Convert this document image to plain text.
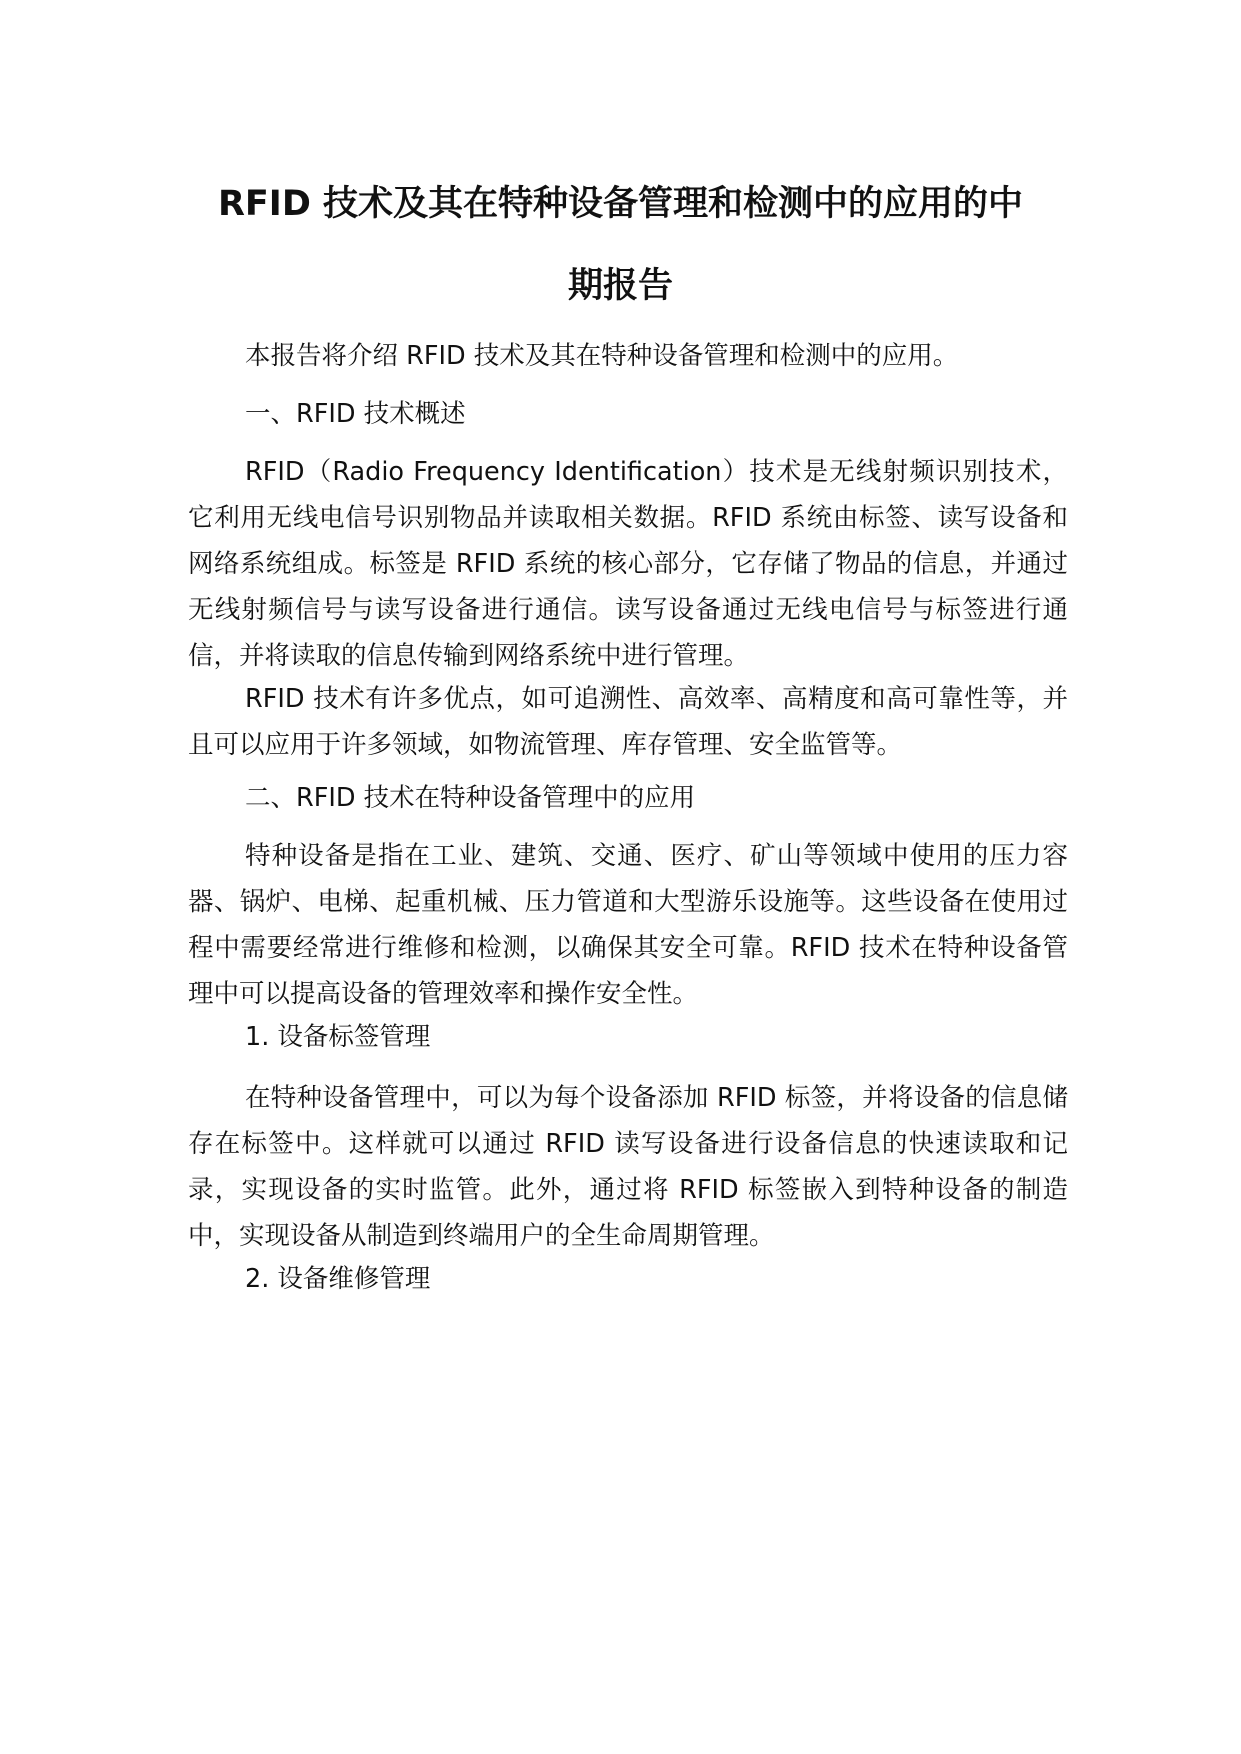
RFID 技术及其在特种设备管理和检测中的应用的中
期报告

本报告将介绍 RFID 技术及其在特种设备管理和检测中的应用。

一、RFID 技术概述

RFID（Radio Frequency Identification）技术是无线射频识别技术，它利用无线电信号识别物品并读取相关数据。RFID 系统由标签、读写设备和网络系统组成。标签是 RFID 系统的核心部分，它存储了物品的信息，并通过无线射频信号与读写设备进行通信。读写设备通过无线电信号与标签进行通信，并将读取的信息传输到网络系统中进行管理。

RFID 技术有许多优点，如可追溯性、高效率、高精度和高可靠性等，并且可以应用于许多领域，如物流管理、库存管理、安全监管等。

二、RFID 技术在特种设备管理中的应用

特种设备是指在工业、建筑、交通、医疗、矿山等领域中使用的压力容器、锅炉、电梯、起重机械、压力管道和大型游乐设施等。这些设备在使用过程中需要经常进行维修和检测，以确保其安全可靠。RFID 技术在特种设备管理中可以提高设备的管理效率和操作安全性。

1. 设备标签管理

在特种设备管理中，可以为每个设备添加 RFID 标签，并将设备的信息储存在标签中。这样就可以通过 RFID 读写设备进行设备信息的快速读取和记录，实现设备的实时监管。此外，通过将 RFID 标签嵌入到特种设备的制造中，实现设备从制造到终端用户的全生命周期管理。

2. 设备维修管理
